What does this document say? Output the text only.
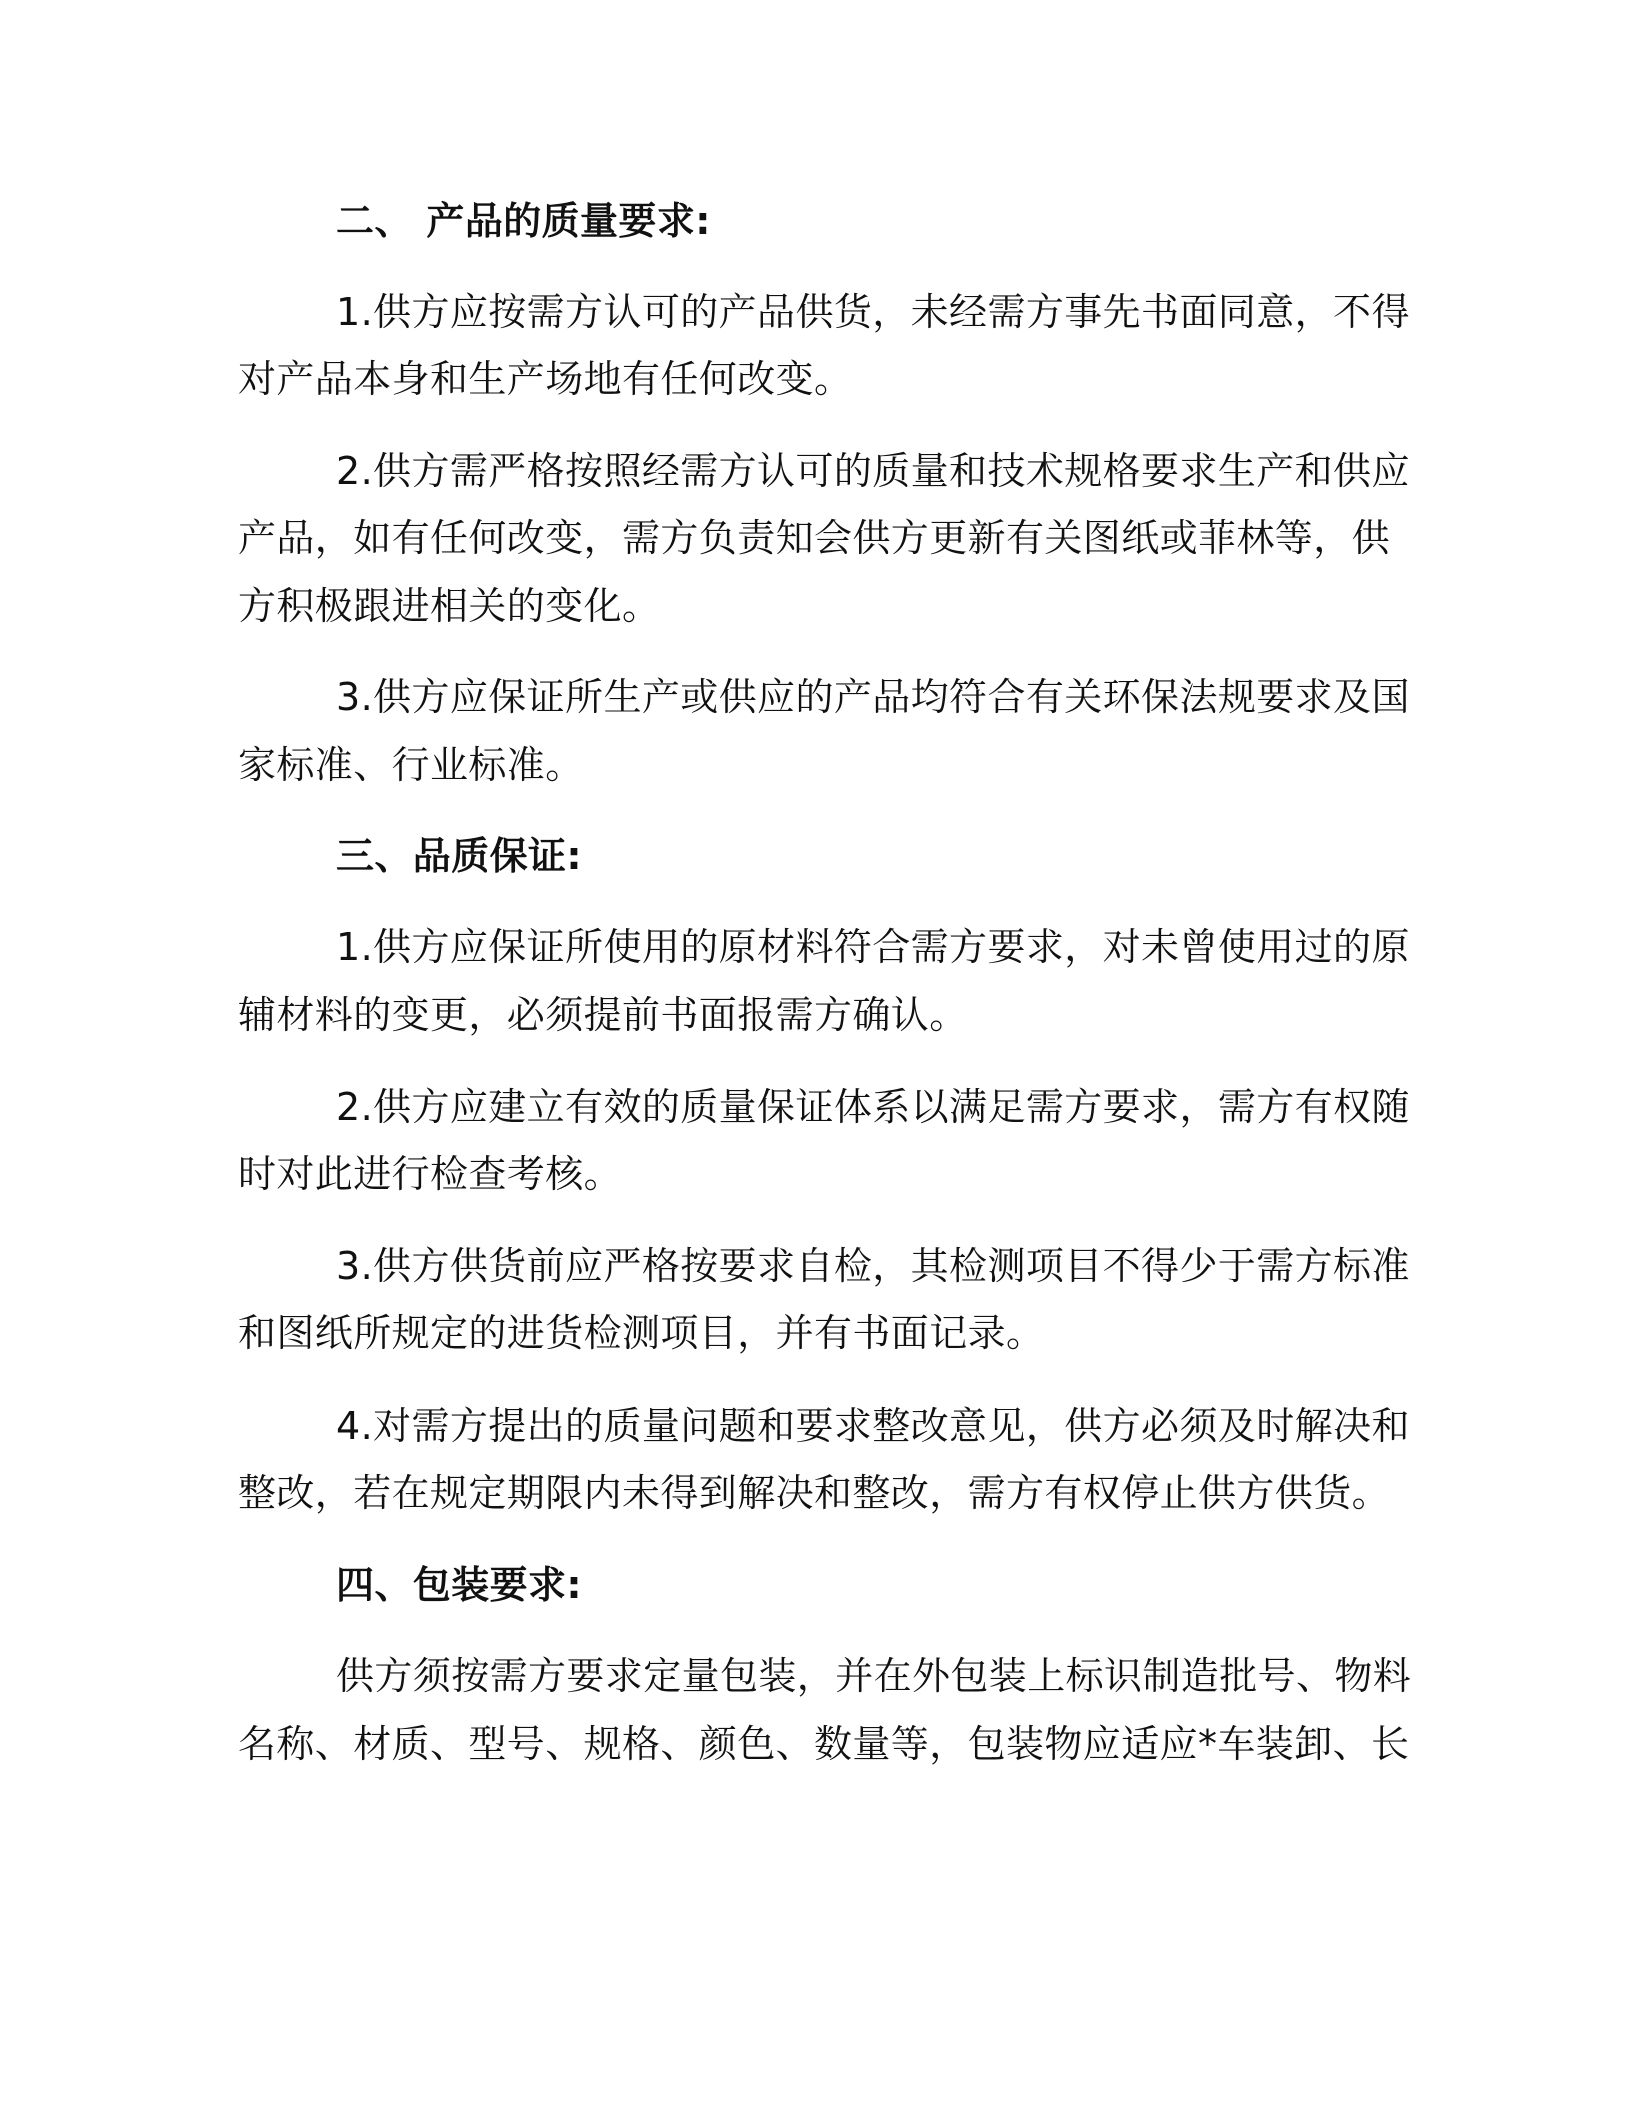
二、 产品的质量要求:
1.供方应按需方认可的产品供货，未经需方事先书面同意，不得
对产品本身和生产场地有任何改变。
2.供方需严格按照经需方认可的质量和技术规格要求生产和供应
产品，如有任何改变，需方负责知会供方更新有关图纸或菲林等，供
方积极跟进相关的变化。
3.供方应保证所生产或供应的产品均符合有关环保法规要求及国
家标准、行业标准。
三、品质保证:
1.供方应保证所使用的原材料符合需方要求，对未曾使用过的原
辅材料的变更，必须提前书面报需方确认。
2.供方应建立有效的质量保证体系以满足需方要求，需方有权随
时对此进行检查考核。
3.供方供货前应严格按要求自检，其检测项目不得少于需方标准
和图纸所规定的进货检测项目，并有书面记录。
4.对需方提出的质量问题和要求整改意见，供方必须及时解决和
整改，若在规定期限内未得到解决和整改，需方有权停止供方供货。
四、包装要求:
供方须按需方要求定量包装，并在外包装上标识制造批号、物料
名称、材质、型号、规格、颜色、数量等，包装物应适应*车装卸、长
